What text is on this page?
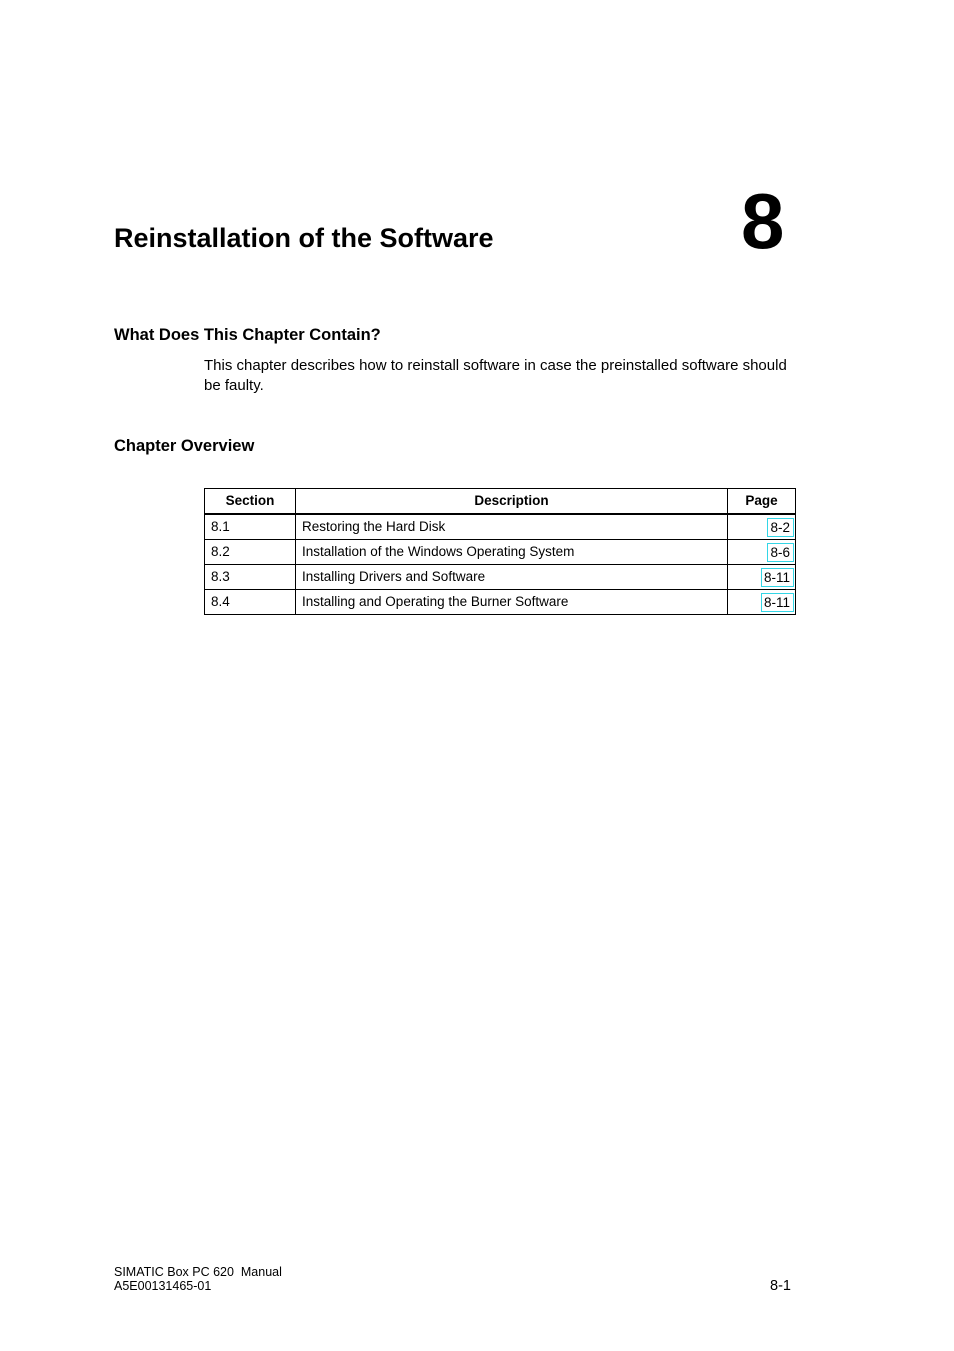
Reinstallation of the Software	8
What Does This Chapter Contain?

This chapter describes how to reinstall software in case the preinstalled software should be faulty.

Chapter Overview
Section	Description	Page
8.1	Restoring the Hard Disk	8-2
8.2	Installation of the Windows Operating System	8-6
8.3	Installing Drivers and Software	8-11
8.4	Installing and Operating the Burner Software	8-11
SIMATIC Box PC 620  Manual
A5E00131465-01	8-1
